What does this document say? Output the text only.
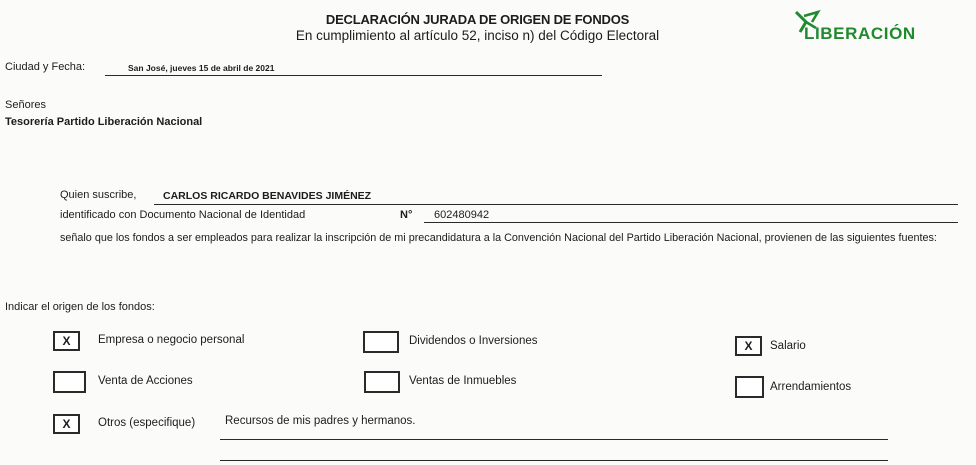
DECLARACIÓN JURADA DE ORIGEN DE FONDOS
En cumplimiento al artículo 52, inciso n) del Código Electoral	LIBERACIÓN
Ciudad y Fecha:	San José, jueves 15 de abril de 2021
Señores
Tesorería Partido Liberación Nacional
Quien suscribe,	CARLOS RICARDO BENAVIDES JIMÉNEZ
identificado con Documento Nacional de Identidad	N° 602480942
señalo que los fondos a ser empleados para realizar la inscripción de mi precandidatura a la Convención Nacional del Partido Liberación Nacional, provienen de las siguientes fuentes:
Indicar el origen de los fondos:
X	Empresa o negocio personal	Dividendos o Inversiones	X	Salario
Venta de Acciones	Ventas de Inmuebles	Arrendamientos
X	Otros (especifique)	Recursos de mis padres y hermanos.
